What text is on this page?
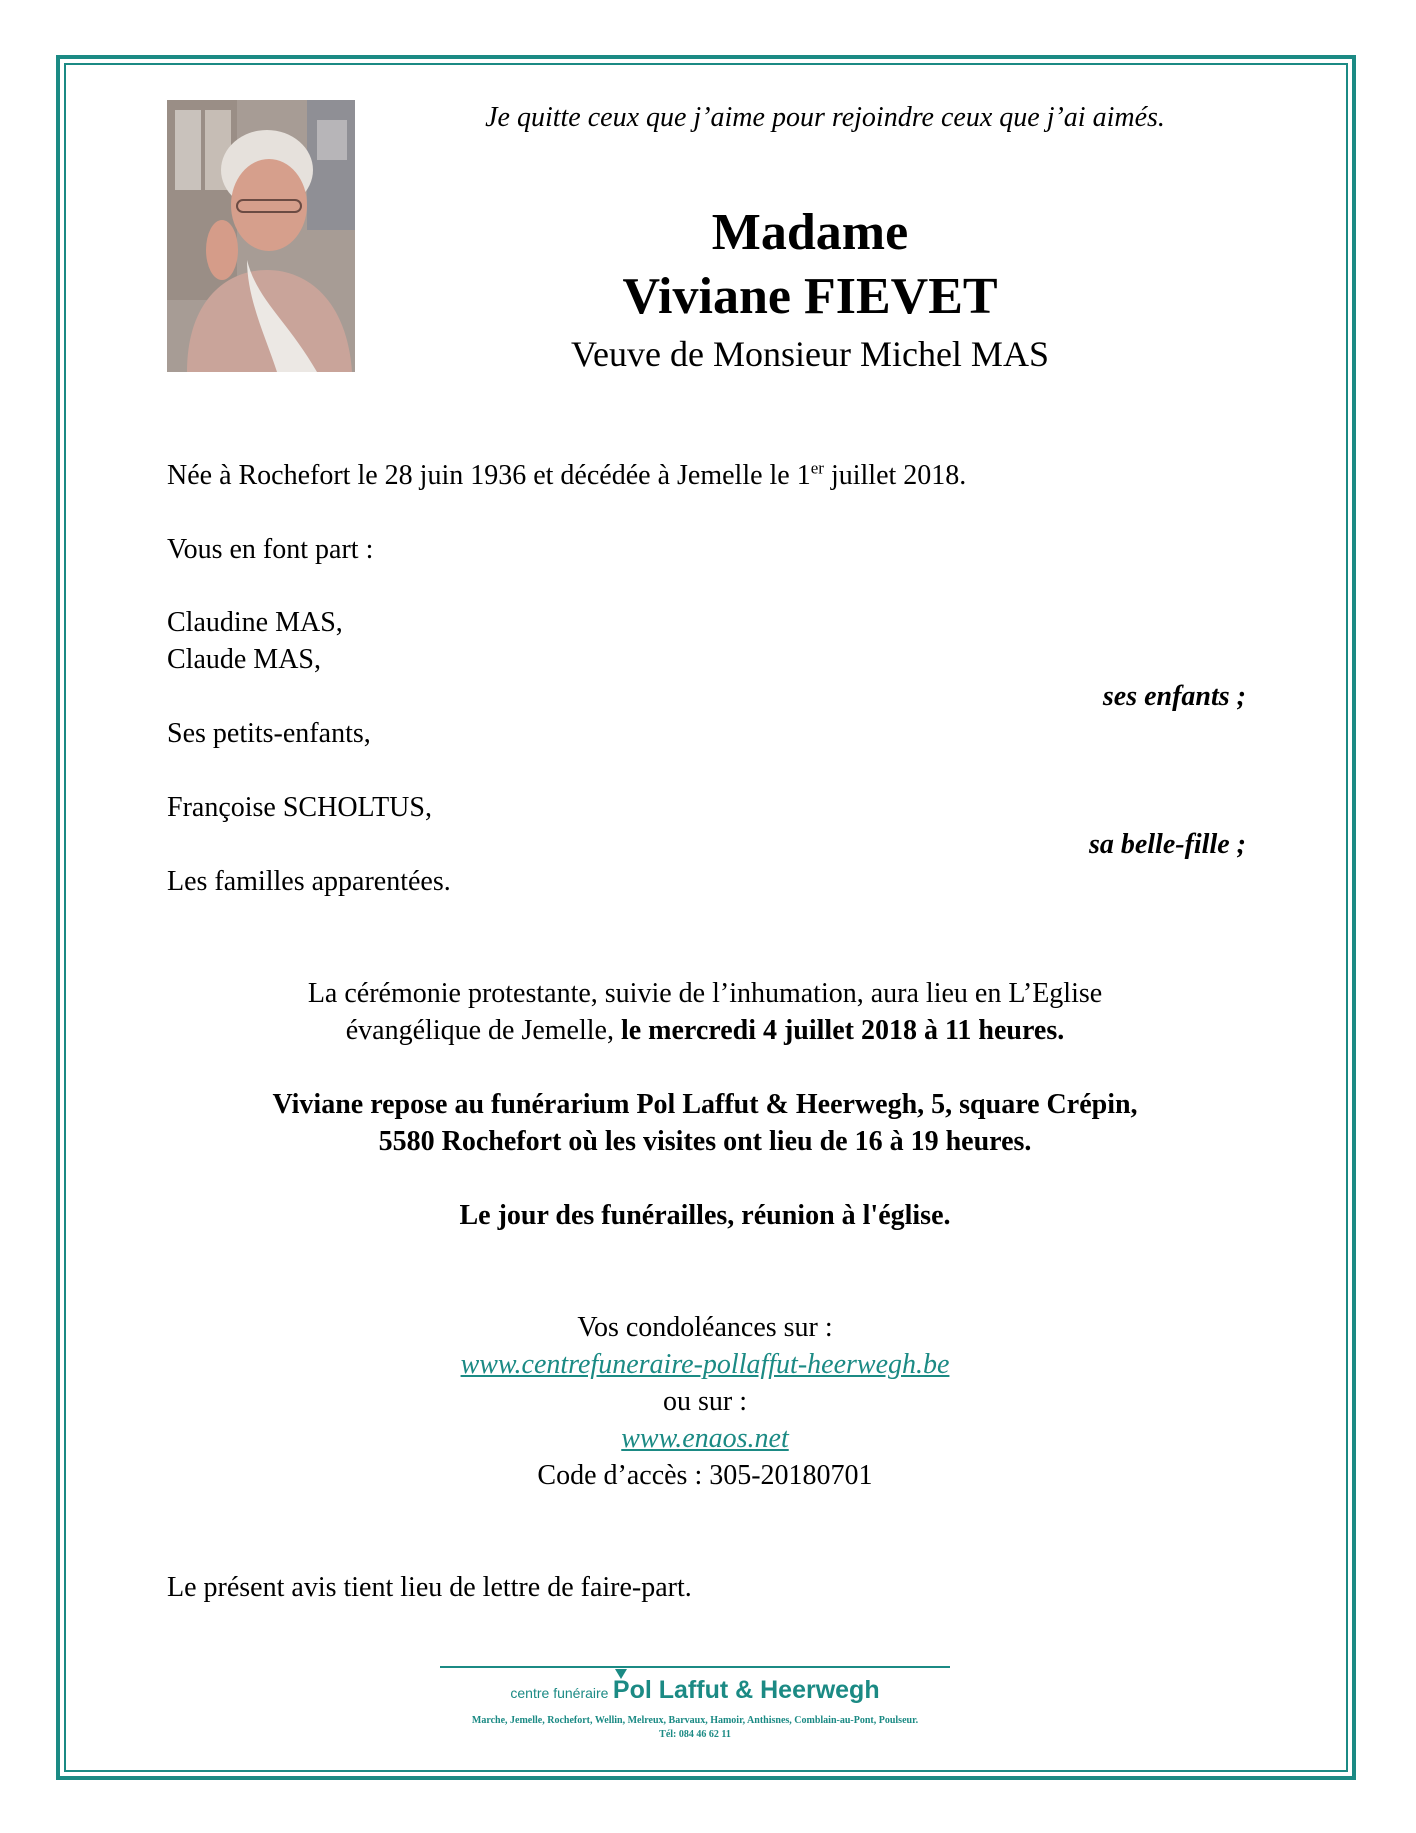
Je quitte ceux que j’aime pour rejoindre ceux que j’ai aimés.

Madame

Viviane FIEVET

Veuve de Monsieur Michel MAS

Née à Rochefort le 28 juin 1936 et décédée à Jemelle le 1er juillet 2018.

Vous en font part :

Claudine MAS,

Claude MAS,

ses enfants ;

Ses petits-enfants,

Françoise SCHOLTUS,

sa belle-fille ;

Les familles apparentées.

La cérémonie protestante, suivie de l’inhumation, aura lieu en L’Eglise

évangélique de Jemelle, le mercredi 4 juillet 2018 à 11 heures.

Viviane repose au funérarium Pol Laffut & Heerwegh, 5, square Crépin,

5580 Rochefort où les visites ont lieu de 16 à 19 heures.

Le jour des funérailles, réunion à l'église.

Vos condoléances sur :

www.centrefuneraire-pollaffut-heerwegh.be

ou sur :

www.enaos.net

Code d’accès : 305-20180701

Le présent avis tient lieu de lettre de faire-part.

centre funéraire Pol Laffut & Heerwegh
Marche, Jemelle, Rochefort, Wellin, Melreux, Barvaux, Hamoir, Anthisnes, Comblain-au-Pont, Poulseur.
Tél: 084 46 62 11
